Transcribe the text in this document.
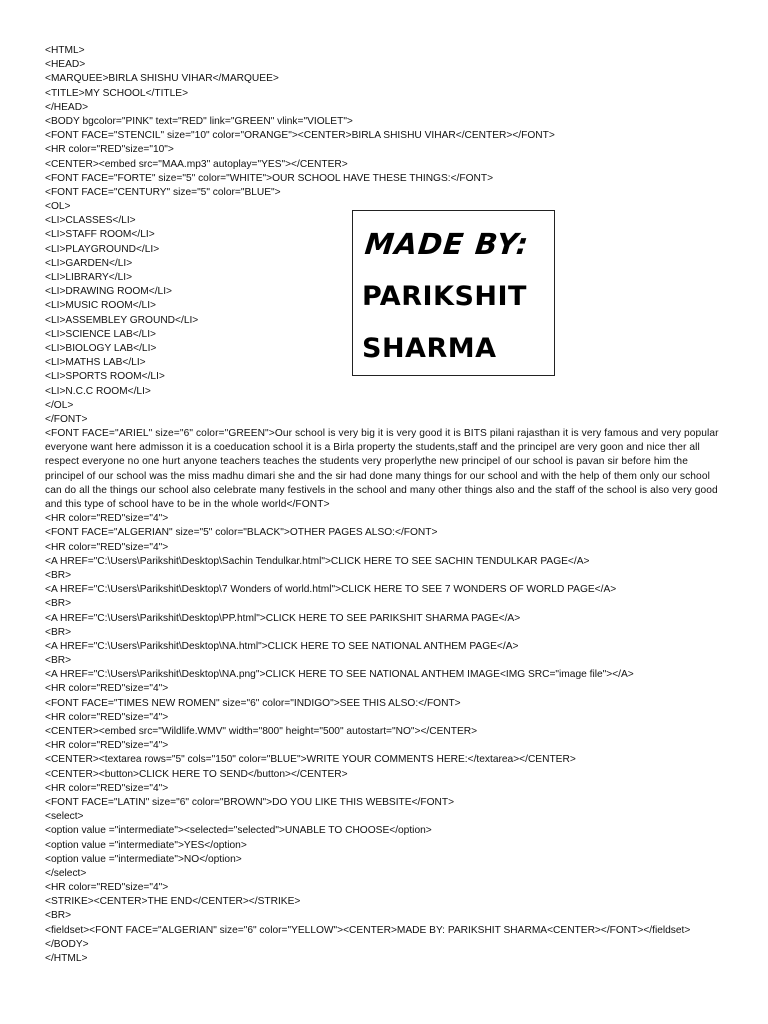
<HTML>
<HEAD>
<MARQUEE>BIRLA SHISHU VIHAR</MARQUEE>
<TITLE>MY SCHOOL</TITLE>
</HEAD>
<BODY bgcolor="PINK" text="RED" link="GREEN" vlink="VIOLET">
<FONT FACE="STENCIL" size="10" color="ORANGE"><CENTER>BIRLA SHISHU VIHAR</CENTER></FONT>
<HR color="RED"size="10">
<CENTER><embed src="MAA.mp3" autoplay="YES"></CENTER>
<FONT FACE="FORTE" size="5" color="WHITE">OUR SCHOOL HAVE THESE THINGS:</FONT>
<FONT FACE="CENTURY" size="5" color="BLUE">
<OL>
<LI>CLASSES</LI>
<LI>STAFF ROOM</LI>
<LI>PLAYGROUND</LI>
<LI>GARDEN</LI>
<LI>LIBRARY</LI>
<LI>DRAWING ROOM</LI>
<LI>MUSIC ROOM</LI>
<LI>ASSEMBLEY GROUND</LI>
<LI>SCIENCE LAB</LI>
<LI>BIOLOGY LAB</LI>
<LI>MATHS LAB</LI>
<LI>SPORTS ROOM</LI>
<LI>N.C.C ROOM</LI>
</OL>
</FONT>
<FONT FACE="ARIEL" size="6" color="GREEN">Our school is very big it is very good it is BITS pilani rajasthan it is very famous and very popular
everyone want here admisson it is a coeducation school it is a Birla property the students,staff and the principel are very goon and nice ther all
respect everyone no one hurt anyone teachers teaches the students very properlythe new principel of our school is pavan sir before him the
principel of our school was the miss madhu dimari she and the sir had done many things for our school and with the help of them only our school
can do all the things our school also celebrate many festivels in the school and many other things also and the staff of the school is also very good
and this type of school have to be in the whole world</FONT>
<HR color="RED"size="4">
<FONT FACE="ALGERIAN" size="5" color="BLACK">OTHER PAGES ALSO:</FONT>
<HR color="RED"size="4">
<A HREF="C:\Users\Parikshit\Desktop\Sachin Tendulkar.html">CLICK HERE TO SEE SACHIN TENDULKAR PAGE</A>
<BR>
<A HREF="C:\Users\Parikshit\Desktop\7 Wonders of world.html">CLICK HERE TO SEE 7 WONDERS OF WORLD PAGE</A>
<BR>
<A HREF="C:\Users\Parikshit\Desktop\PP.html">CLICK HERE TO SEE PARIKSHIT SHARMA PAGE</A>
<BR>
<A HREF="C:\Users\Parikshit\Desktop\NA.html">CLICK HERE TO SEE NATIONAL ANTHEM PAGE</A>
<BR>
<A HREF="C:\Users\Parikshit\Desktop\NA.png">CLICK HERE TO SEE NATIONAL ANTHEM IMAGE<IMG SRC="image file"></A>
<HR color="RED"size="4">
<FONT FACE="TIMES NEW ROMEN" size="6" color="INDIGO">SEE THIS ALSO:</FONT>
<HR color="RED"size="4">
<CENTER><embed src="Wildlife.WMV" width="800" height="500" autostart="NO"></CENTER>
<HR color="RED"size="4">
<CENTER><textarea rows="5" cols="150" color="BLUE">WRITE YOUR COMMENTS HERE:</textarea></CENTER>
<CENTER><button>CLICK HERE TO SEND</button></CENTER>
<HR color="RED"size="4">
<FONT FACE="LATIN" size="6" color="BROWN">DO YOU LIKE THIS WEBSITE</FONT>
<select>
<option value ="intermediate"><selected="selected">UNABLE TO CHOOSE</option>
<option value ="intermediate">YES</option>
<option value ="intermediate">NO</option>
</select>
<HR color="RED"size="4">
<STRIKE><CENTER>THE END</CENTER></STRIKE>
<BR>
<fieldset><FONT FACE="ALGERIAN" size="6" color="YELLOW"><CENTER>MADE BY: PARIKSHIT SHARMA<CENTER></FONT></fieldset>
</BODY>
</HTML>
MADE BY:
PARIKSHIT
SHARMA
